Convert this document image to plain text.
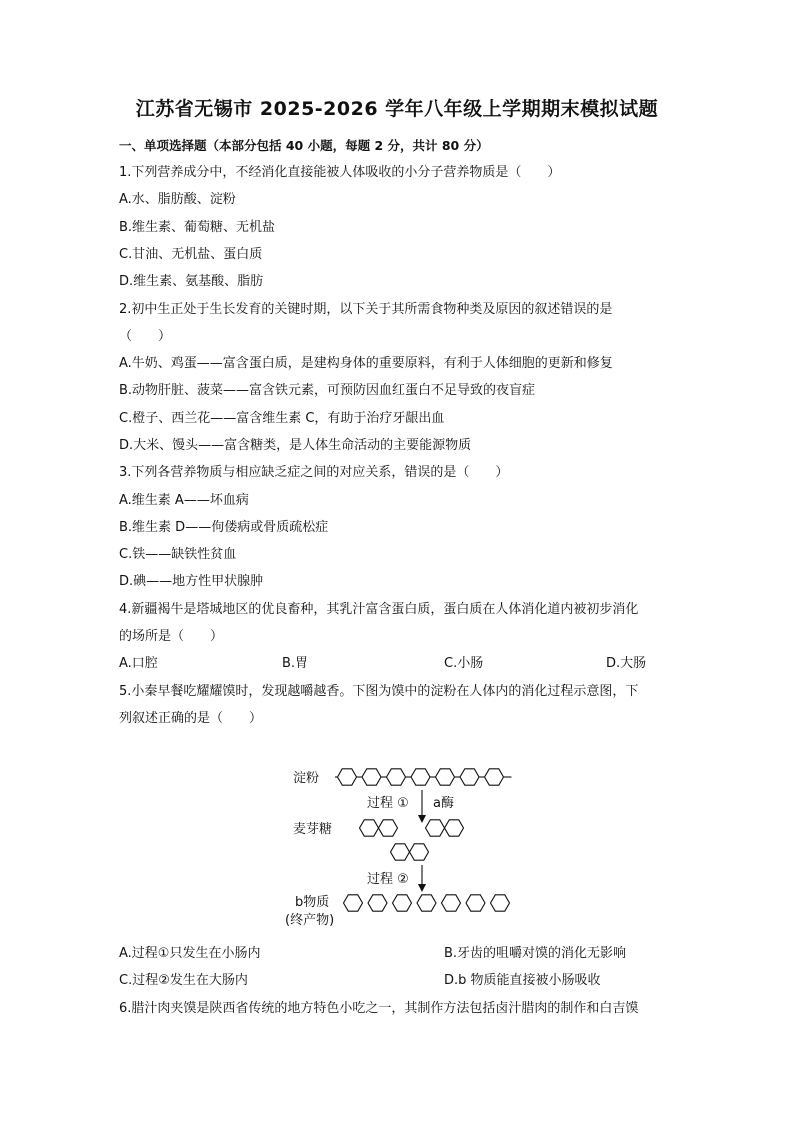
江苏省无锡市 2025-2026 学年八年级上学期期末模拟试题
一、单项选择题（本部分包括 40 小题，每题 2 分，共计 80 分）
1.下列营养成分中，不经消化直接能被人体吸收的小分子营养物质是（　　）
A.水、脂肪酸、淀粉
B.维生素、葡萄糖、无机盐
C.甘油、无机盐、蛋白质
D.维生素、氨基酸、脂肪
2.初中生正处于生长发育的关键时期，以下关于其所需食物种类及原因的叙述错误的是
（　　）
A.牛奶、鸡蛋——富含蛋白质，是建构身体的重要原料，有利于人体细胞的更新和修复
B.动物肝脏、菠菜——富含铁元素，可预防因血红蛋白不足导致的夜盲症
C.橙子、西兰花——富含维生素 C，有助于治疗牙龈出血
D.大米、馒头——富含糖类，是人体生命活动的主要能源物质
3.下列各营养物质与相应缺乏症之间的对应关系，错误的是（　　）
A.维生素 A——坏血病
B.维生素 D——佝偻病或骨质疏松症
C.铁——缺铁性贫血
D.碘——地方性甲状腺肿
4.新疆褐牛是塔城地区的优良畜种，其乳汁富含蛋白质，蛋白质在人体消化道内被初步消化
的场所是（　　）
A.口腔	B.胃	C.小肠	D.大肠
5.小秦早餐吃耀耀馍时，发现越嚼越香。下图为馍中的淀粉在人体内的消化过程示意图，下
列叙述正确的是（　　）
淀粉
过程 ① a酶
麦芽糖
过程 ②
b物质
(终产物)
A.过程①只发生在小肠内	B.牙齿的咀嚼对馍的消化无影响
C.过程②发生在大肠内	D.b 物质能直接被小肠吸收
6.腊汁肉夹馍是陕西省传统的地方特色小吃之一，其制作方法包括卤汁腊肉的制作和白吉馍
